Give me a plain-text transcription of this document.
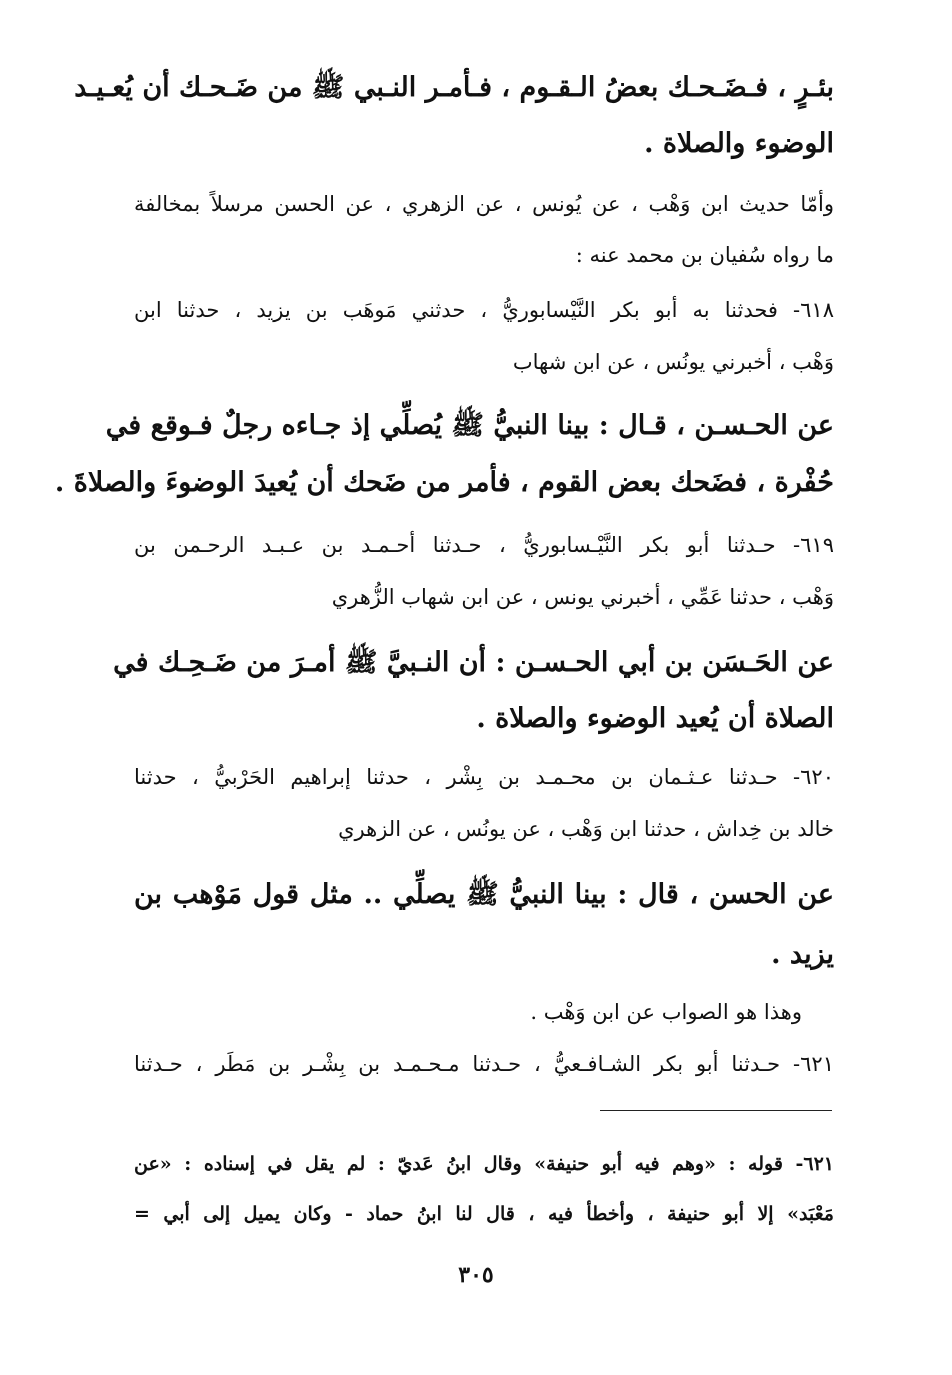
بئـرٍ ، فـضَـحـك بعضُ الـقـوم ، فـأمـر النـبي ﷺ من ضَـحـك أن يُعـيـد
الوضوء والصلاة .
وأمّا حديث ابن وَهْب ، عن يُونس ، عن الزهري ، عن الحسن مرسلاً بمخالفة
ما رواه سُفيان بن محمد عنه :
٦١٨- فحدثنا به أبو بكر النَّيْسابوريُّ ، حدثني مَوهَب بن يزيد ، حدثنا ابن
وَهْب ، أخبرني يونُس ، عن ابن شهاب
عن الحـسـن ، قـال : بينا النبيُّ ﷺ يُصلِّي إذ جـاءه رجلٌ فـوقع في
حُفْرة ، فضَحك بعض القوم ، فأمر من ضَحك أن يُعيدَ الوضوءَ والصلاةَ .
٦١٩- حـدثنا أبو بكر النَّيْـسابوريُّ ، حـدثنا أحـمـد بن عـبـد الرحـمن بن
وَهْب ، حدثنا عَمِّي ، أخبرني يونس ، عن ابن شهاب الزُّهري
عن الحَـسَن بن أبي الحـسـن : أن النـبيَّ ﷺ أمـرَ من ضَـحِـك في
الصلاة أن يُعيد الوضوء والصلاة .
٦٢٠- حـدثنا عـثـمان بن محـمـد بن بِشْر ، حدثنا إبراهيم الحَرْبيُّ ، حدثنا
خالد بن خِداش ، حدثنا ابن وَهْب ، عن يونُس ، عن الزهري
عن الحسن ، قال : بينا النبيُّ ﷺ يصلِّي .. مثل قول مَوْهب بن
يزيد .
وهذا هو الصواب عن ابن وَهْب .
٦٢١- حـدثنا أبو بكر الشـافـعيُّ ، حـدثنا مـحـمـد بن بِشْـر بن مَطَر ، حـدثنا
٦٢١- قوله : «وهم فيه أبو حنيفة» وقال ابنُ عَديّ : لم يقل في إسناده : «عن
مَعْبَد» إلا أبو حنيفة ، وأخطأ فيه ، قال لنا ابنُ حماد - وكان يميل إلى أبي =
٣٠٥
